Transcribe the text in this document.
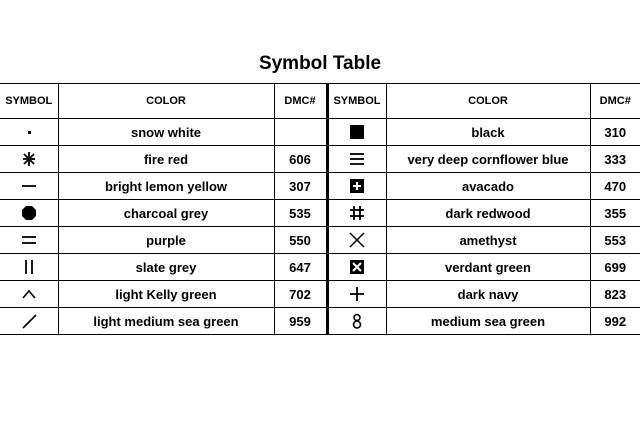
Symbol Table
SYMBOL	COLOR	DMC#	SYMBOL	COLOR	DMC#

	snow white			black	310

	fire red	606		very deep cornflower blue	333

	bright lemon yellow	307		avacado	470

	charcoal grey	535		dark redwood	355

	purple	550		amethyst	553

	slate grey	647		verdant green	699

	light Kelly green	702		dark navy	823

	light medium sea green	959		medium sea green	992
